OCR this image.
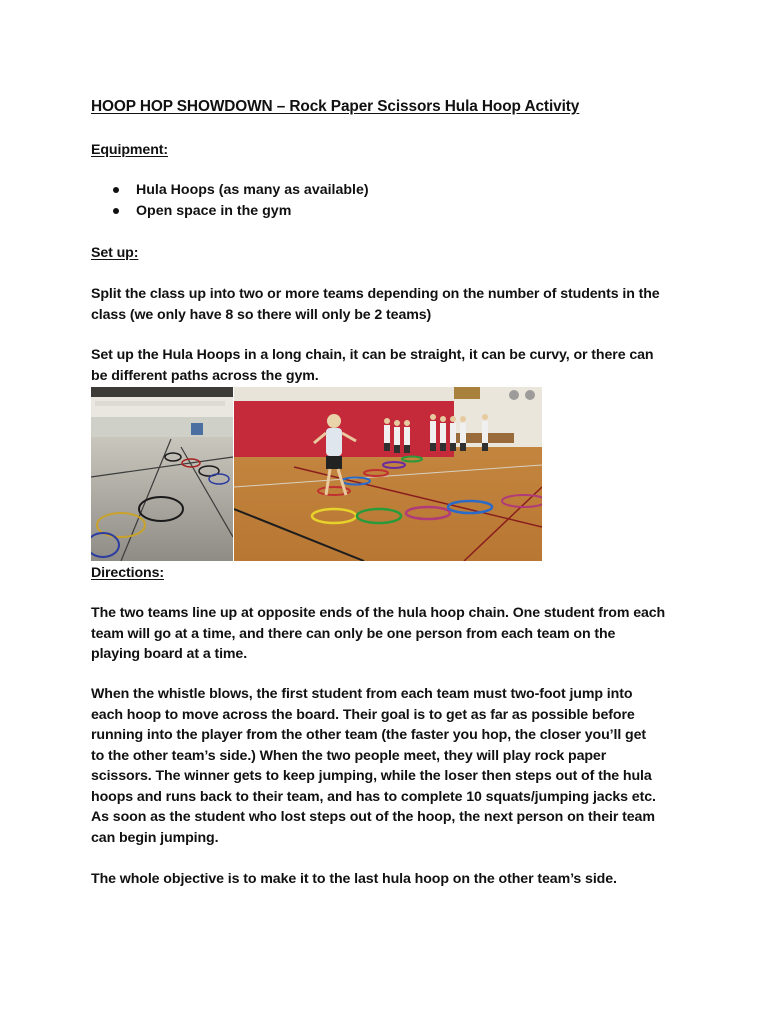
HOOP HOP SHOWDOWN – Rock Paper Scissors Hula Hoop Activity

Equipment:

Hula Hoops (as many as available)
Open space in the gym

Set up:

Split the class up into two or more teams depending on the number of students in the

class (we only have 8 so there will only be 2 teams)

Set up the Hula Hoops in a long chain, it can be straight, it can be curvy, or there can

be different paths across the gym.

Directions:

The two teams line up at opposite ends of the hula hoop chain. One student from each

team will go at a time, and there can only be one person from each team on the

playing board at a time.

When the whistle blows, the first student from each team must two-foot jump into

each hoop to move across the board. Their goal is to get as far as possible before

running into the player from the other team (the faster you hop, the closer you’ll get

to the other team’s side.) When the two people meet, they will play rock paper

scissors. The winner gets to keep jumping, while the loser then steps out of the hula

hoops and runs back to their team, and has to complete 10 squats/jumping jacks etc.

As soon as the student who lost steps out of the hoop, the next person on their team

can begin jumping.

The whole objective is to make it to the last hula hoop on the other team’s side.
